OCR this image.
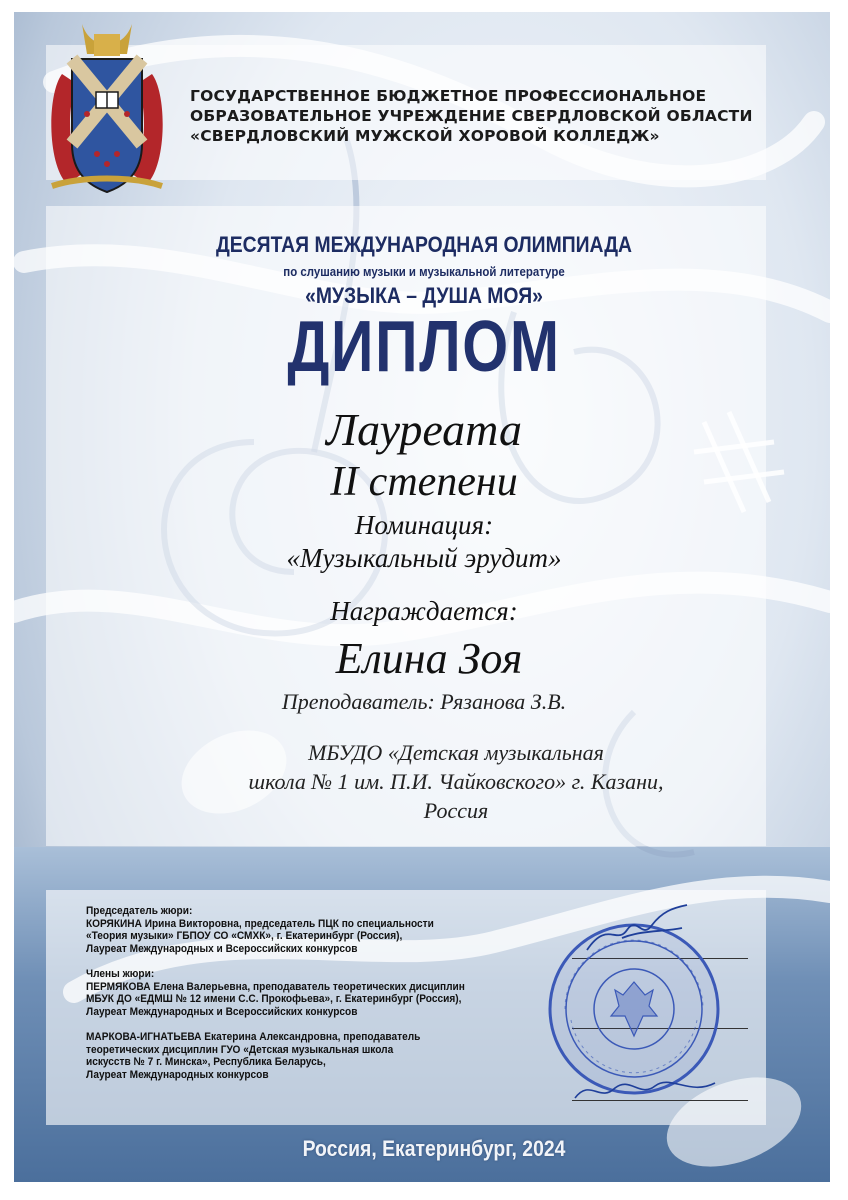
ГОСУДАРСТВЕННОЕ БЮДЖЕТНОЕ ПРОФЕССИОНАЛЬНОЕ
ОБРАЗОВАТЕЛЬНОЕ УЧРЕЖДЕНИЕ СВЕРДЛОВСКОЙ ОБЛАСТИ
«СВЕРДЛОВСКИЙ МУЖСКОЙ ХОРОВОЙ КОЛЛЕДЖ»
ДЕСЯТАЯ МЕЖДУНАРОДНАЯ ОЛИМПИАДА
по слушанию музыки и музыкальной литературе
«МУЗЫКА – ДУША МОЯ»
ДИПЛОМ
Лауреата
II степени
Номинация:
«Музыкальный эрудит»
Награждается:
Елина Зоя
Преподаватель: Рязанова З.В.
МБУДО «Детская музыкальная
школа № 1 им. П.И. Чайковского» г. Казани,
Россия
Председатель жюри:
КОРЯКИНА Ирина Викторовна, председатель ПЦК по специальности
«Теория музыки» ГБПОУ СО «СМХК», г. Екатеринбург (Россия),
Лауреат Международных и Всероссийских конкурсов
Члены жюри:
ПЕРМЯКОВА Елена Валерьевна, преподаватель теоретических дисциплин
МБУК ДО «ЕДМШ № 12 имени С.С. Прокофьева», г. Екатеринбург (Россия),
Лауреат Международных и Всероссийских конкурсов
МАРКОВА-ИГНАТЬЕВА Екатерина Александровна, преподаватель
теоретических дисциплин ГУО «Детская музыкальная школа
искусств № 7 г. Минска», Республика Беларусь,
Лауреат Международных конкурсов
Россия, Екатеринбург, 2024
